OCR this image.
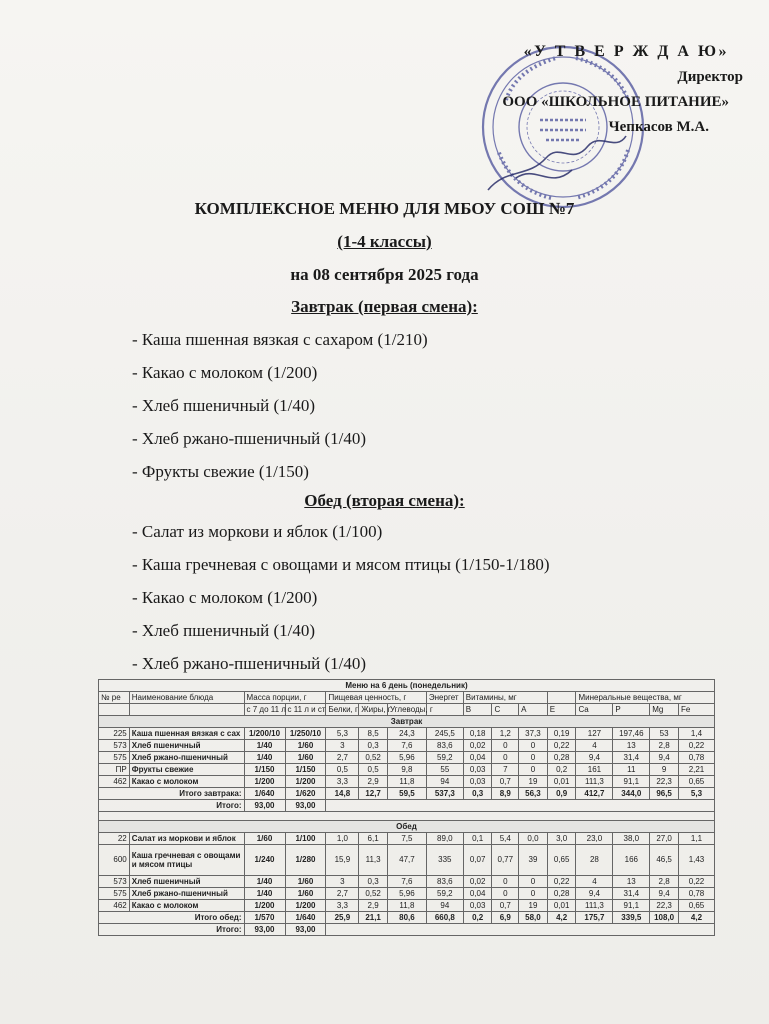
«У Т В Е Р Ж Д А Ю»
Директор
ООО «ШКОЛЬНОЕ ПИТАНИЕ»
Чепкасов М.А.
КОМПЛЕКСНОЕ МЕНЮ ДЛЯ МБОУ СОШ №7
(1-4 классы)
на 08 сентября 2025 года
Завтрак (первая смена):
- Каша пшенная вязкая с сахаром (1/210)
- Какао с молоком (1/200)
- Хлеб пшеничный (1/40)
- Хлеб ржано-пшеничный (1/40)
- Фрукты свежие (1/150)
Обед (вторая смена):
- Салат из моркови и яблок (1/100)
- Каша гречневая с овощами и мясом птицы (1/150-1/180)
- Какао с молоком (1/200)
- Хлеб пшеничный (1/40)
- Хлеб ржано-пшеничный (1/40)
Меню на 6 день (понедельник)															
№ ре	Наименование блюда	Масса порции, г		Пищевая ценность, г			Энергет	Витамины, мг				Минеральные вещества, мг			
		с 7 до 11 л	с 11 л и ст	Белки, г	Жиры, г	Углеводы, г		B	C	A	E	Ca	P	Mg	Fe
Завтрак															
225	Каша пшенная вязкая с сах	1/200/10	1/250/10	5,3	8,5	24,3	245,5	0,18	1,2	37,3	0,19	127	197,46	53	1,4
573	Хлеб пшеничный	1/40	1/60	3	0,3	7,6	83,6	0,02	0	0	0,22	4	13	2,8	0,22
575	Хлеб ржано-пшеничный	1/40	1/60	2,7	0,52	5,96	59,2	0,04	0	0	0,28	9,4	31,4	9,4	0,78
ПР	Фрукты свежие	1/150	1/150	0,5	0,5	9,8	55	0,03	7	0	0,2	161	11	9	2,21
462	Какао с молоком	1/200	1/200	3,3	2,9	11,8	94	0,03	0,7	19	0,01	111,3	91,1	22,3	0,65
Итого завтрака:		1/640	1/620	14,8	12,7	59,5	537,3	0,3	8,9	56,3	0,9	412,7	344,0	96,5	5,3
Итого:		93,00	93,00												

Обед															
22	Салат из моркови и яблок	1/60	1/100	1,0	6,1	7,5	89,0	0,1	5,4	0,0	3,0	23,0	38,0	27,0	1,1
600	Каша гречневая с овощами и мясом птицы	1/240	1/280	15,9	11,3	47,7	335	0,07	0,77	39	0,65	28	166	46,5	1,43
573	Хлеб пшеничный	1/40	1/60	3	0,3	7,6	83,6	0,02	0	0	0,22	4	13	2,8	0,22
575	Хлеб ржано-пшеничный	1/40	1/60	2,7	0,52	5,96	59,2	0,04	0	0	0,28	9,4	31,4	9,4	0,78
462	Какао с молоком	1/200	1/200	3,3	2,9	11,8	94	0,03	0,7	19	0,01	111,3	91,1	22,3	0,65
Итого обед:		1/570	1/640	25,9	21,1	80,6	660,8	0,2	6,9	58,0	4,2	175,7	339,5	108,0	4,2
Итого:		93,00	93,00												
